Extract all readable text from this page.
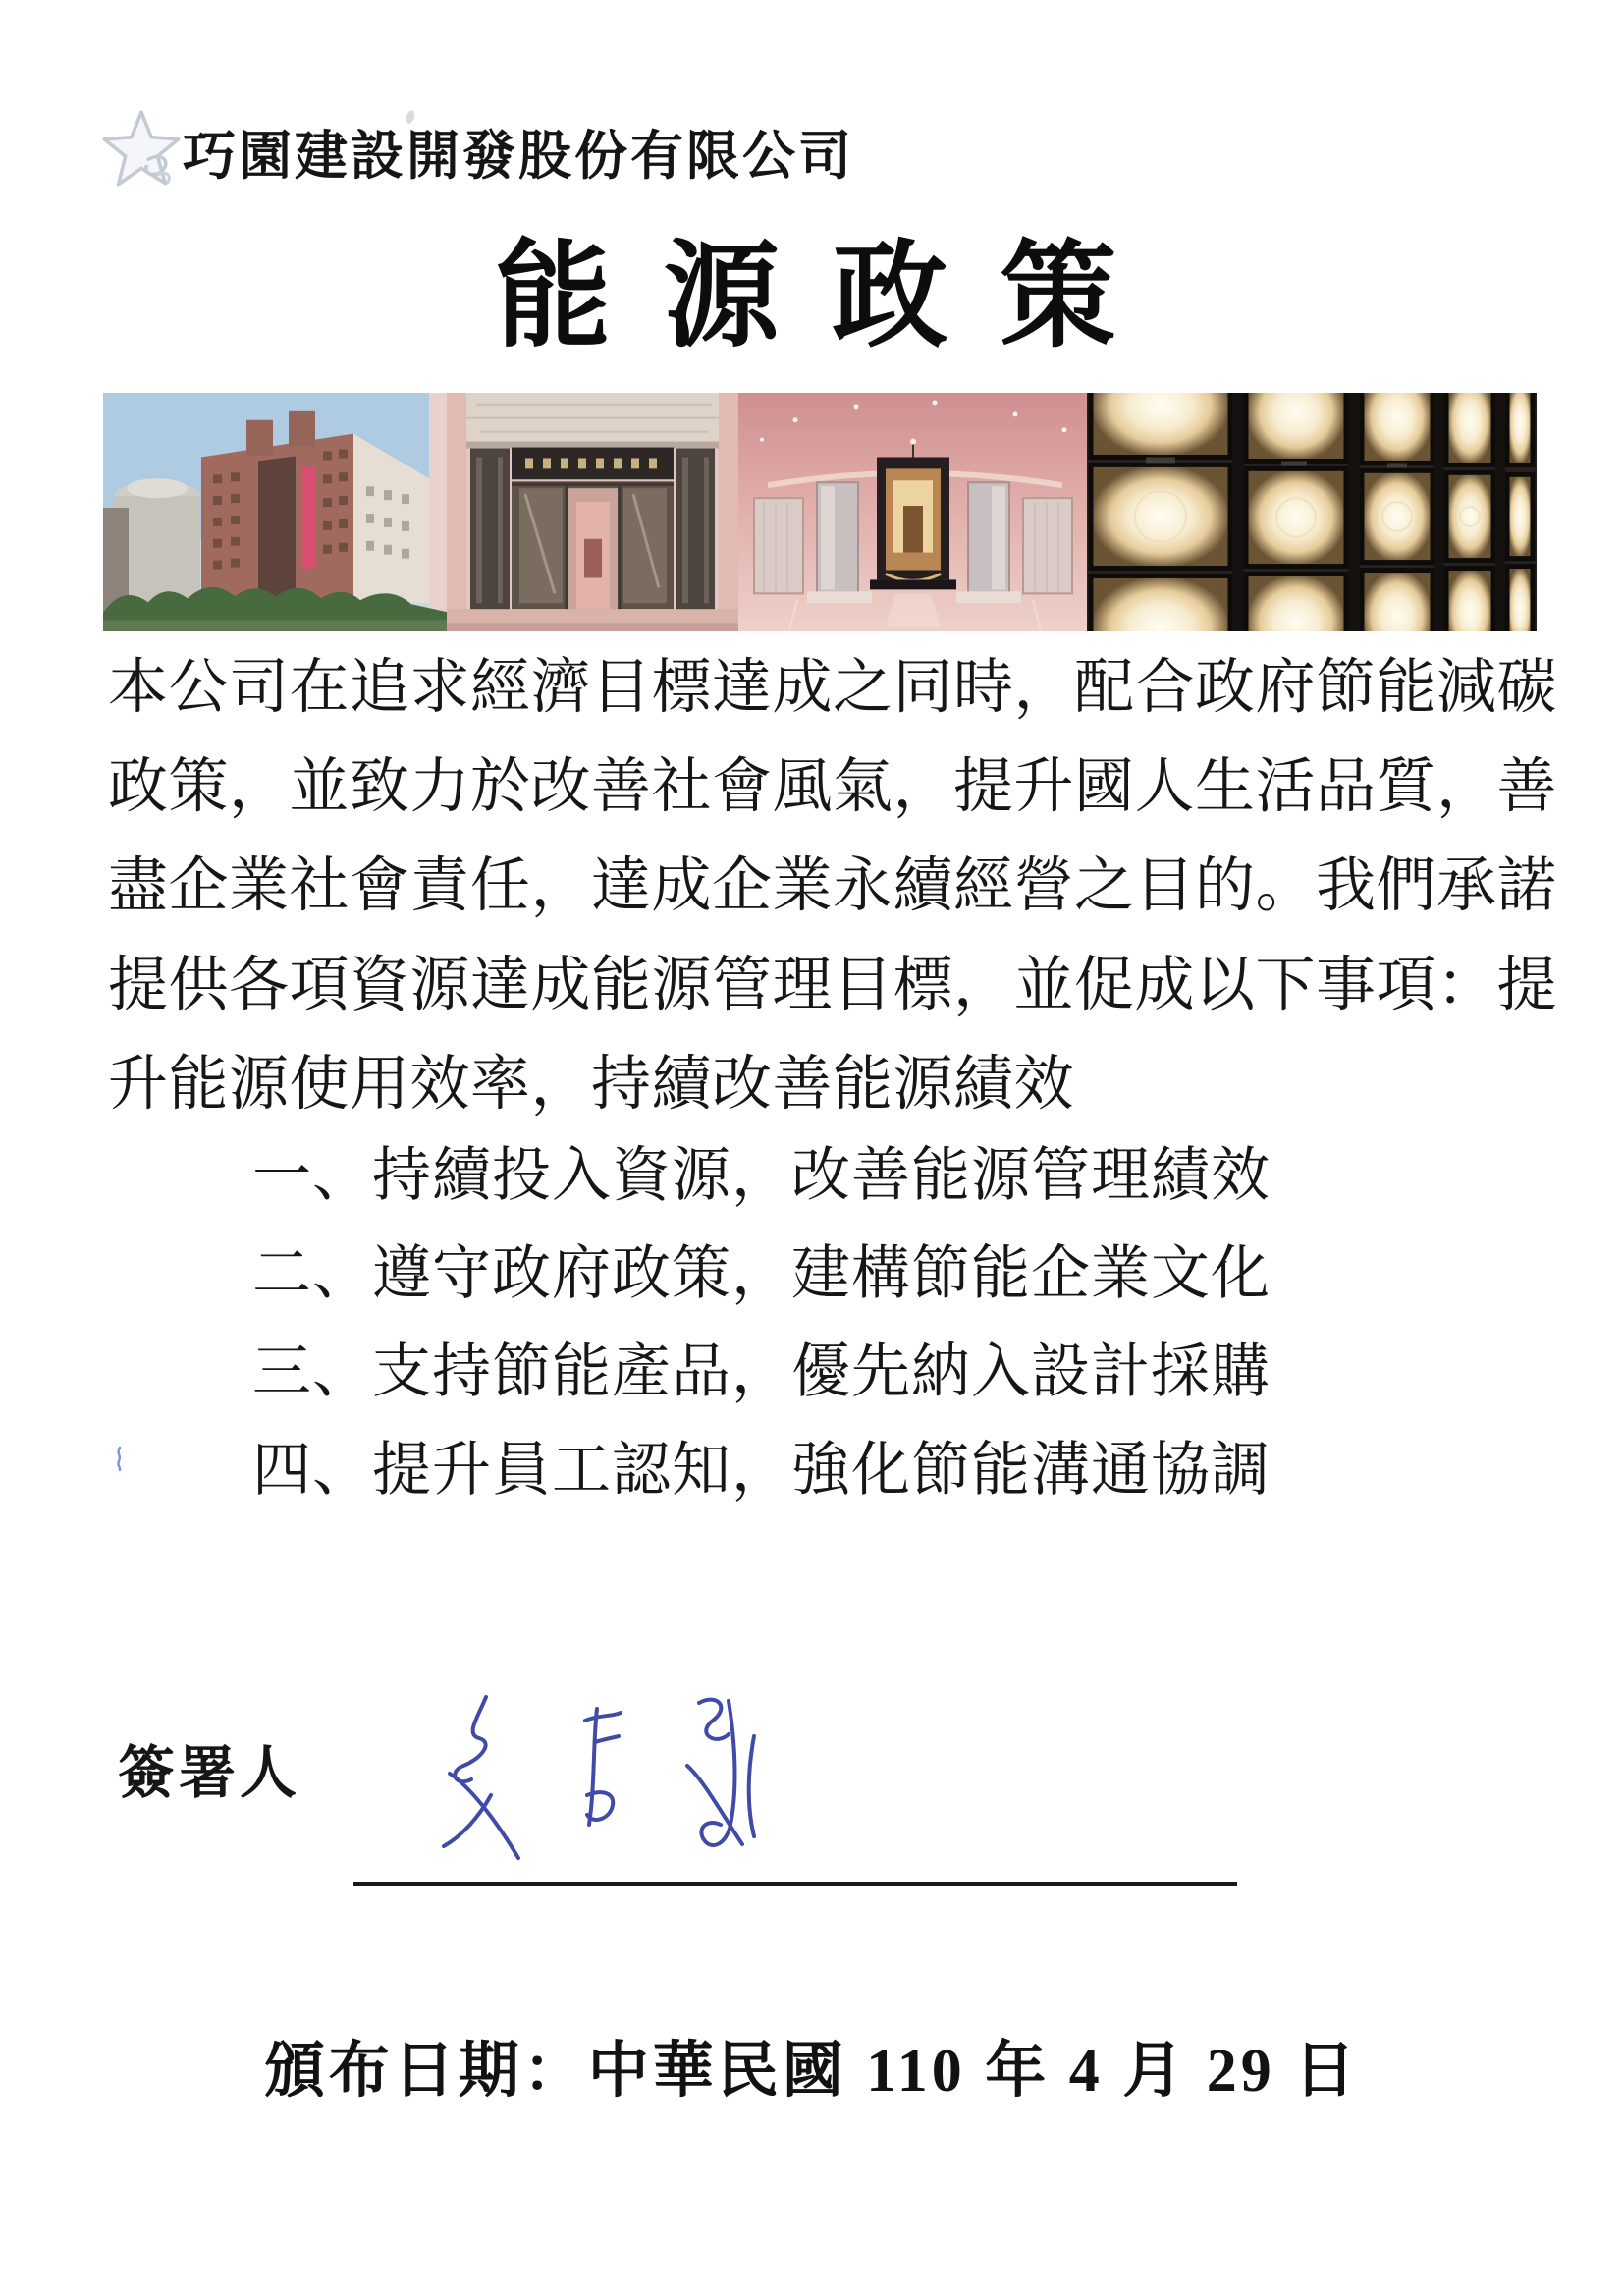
巧園建設開發股份有限公司
能 源 政 策
本公司在追求經濟目標達成之同時，配合政府節能減碳
政策，並致力於改善社會風氣，提升國人生活品質，善
盡企業社會責任，達成企業永續經營之目的。我們承諾
提供各項資源達成能源管理目標，並促成以下事項：提
升能源使用效率，持續改善能源績效
一、持續投入資源，改善能源管理績效
二、遵守政府政策，建構節能企業文化
三、支持節能產品，優先納入設計採購
四、提升員工認知，強化節能溝通協調
簽署人
頒布日期：中華民國 110 年 4 月 29 日
